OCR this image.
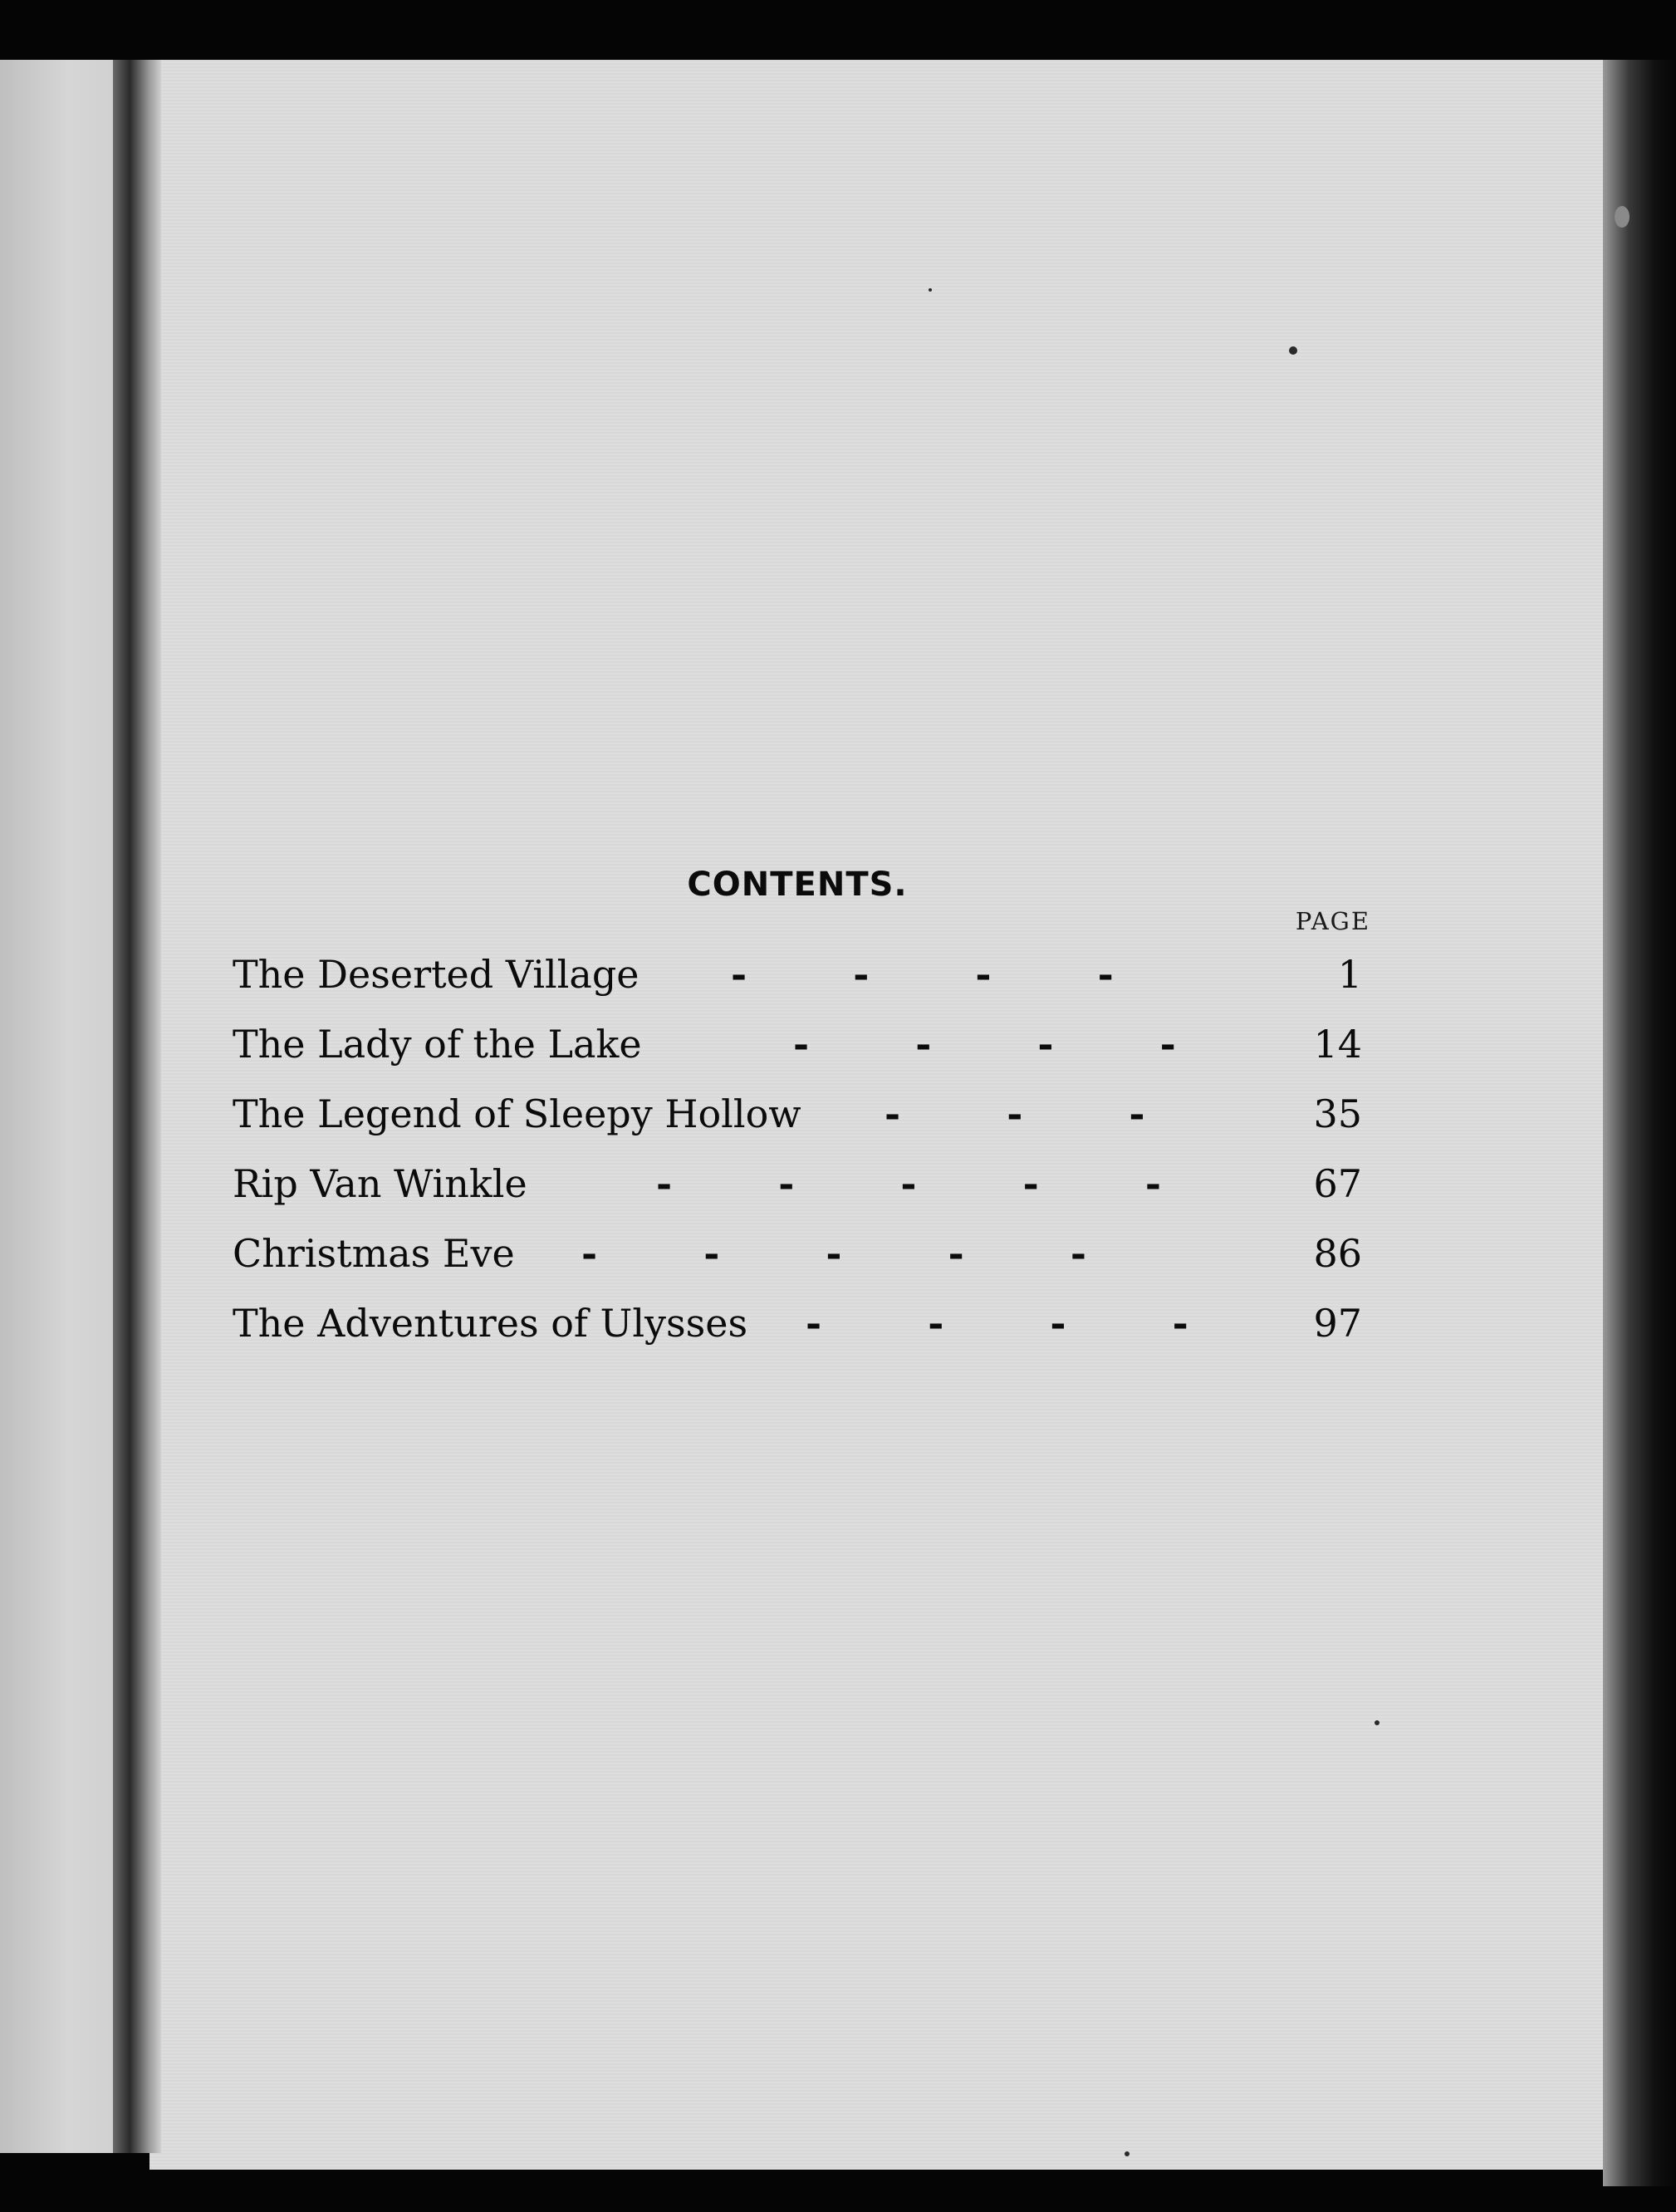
CONTENTS.
PAGE
The Deserted Village -        -        -        -	1
The Lady of the Lake	-        -        -        -	14
The Legend of Sleepy Hollow -        -        -	35
Rip Van Winkle	-        -        -        -        -	67
Christmas Eve -        -        -        -        -	86
The Adventures of Ulysses -        -        -        -	97
